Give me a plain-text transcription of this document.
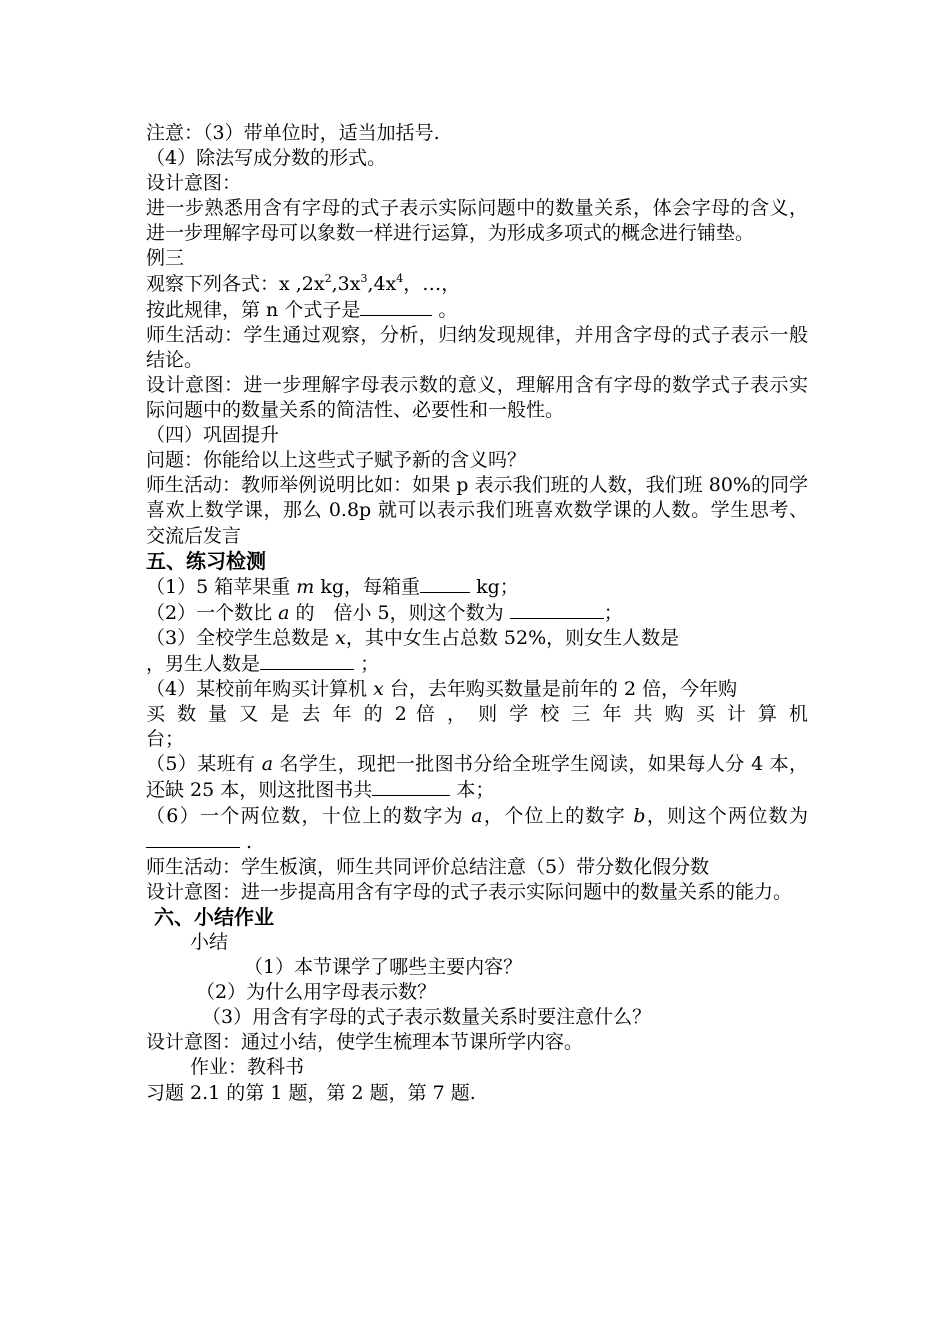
注意：（3）带单位时，适当加括号.

（4）除法写成分数的形式。

设计意图：

进一步熟悉用含有字母的式子表示实际问题中的数量关系，体会字母的含义，进一步理解字母可以象数一样进行运算，为形成多项式的概念进行铺垫。

例三

观察下列各式：x $,2x^2,3x^3,4x^4$，…，

按此规律，第 n 个式子是	。

师生活动：学生通过观察，分析，归纳发现规律，并用含字母的式子表示一般结论。

设计意图：进一步理解字母表示数的意义，理解用含有字母的数学式子表示实际问题中的数量关系的简洁性、必要性和一般性。

（四）巩固提升

问题：你能给以上这些式子赋予新的含义吗？

师生活动：教师举例说明比如：如果 p 表示我们班的人数，我们班 80%的同学喜欢上数学课，那么 0.8p 就可以表示我们班喜欢数学课的人数。学生思考、交流后发言

五、练习检测

（1）5 箱苹果重 m kg，每箱重	kg；

（2）一个数比 a 的　倍小 5，则这个数为	；

（3）全校学生总数是 x，其中女生占总数 52%，则女生人数是
，男生人数是	；

（4）某校前年购买计算机 x 台，去年购买数量是前年的 2 倍，今年购

买 数 量 又 是 去 年 的 2 倍 ， 则 学 校 三 年 共 购 买 计 算 机

台；

（5）某班有 a 名学生，现把一批图书分给全班学生阅读，如果每人分 4 本，还缺 25 本，则这批图书共	本；

（6）一个两位数，十位上的数字为 a，个位上的数字 b，则这个两位数为 .

师生活动：学生板演，师生共同评价总结注意（5）带分数化假分数

设计意图：进一步提高用含有字母的式子表示实际问题中的数量关系的能力。

六、小结作业

小结

（1）本节课学了哪些主要内容？

（2）为什么用字母表示数？

（3）用含有字母的式子表示数量关系时要注意什么？

设计意图：通过小结，使学生梳理本节课所学内容。

作业：教科书

习题 2.1 的第 1 题，第 2 题，第 7 题.
